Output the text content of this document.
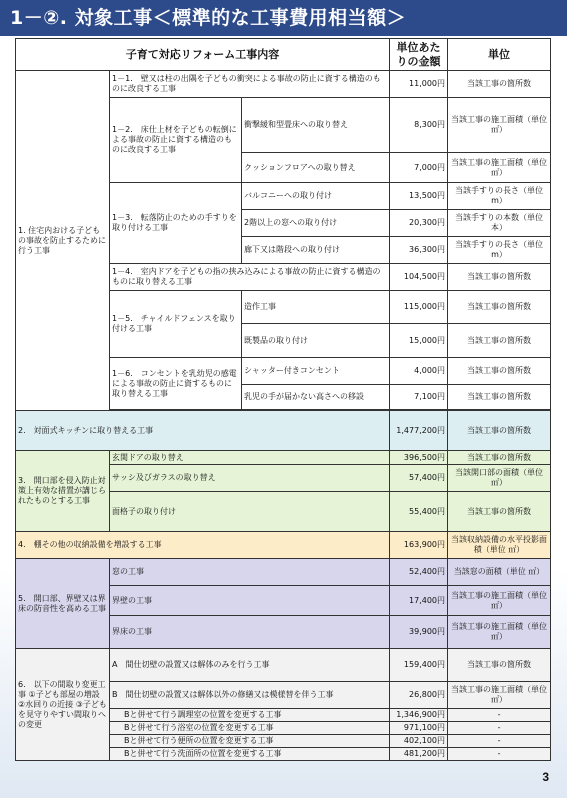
1－②. 対象工事＜標準的な工事費用相当額＞
子育て対応リフォーム工事内容			単位あたりの金額	単位
1. 住宅内おける子どもの事故を防止するために行う工事	1－1.　壁又は柱の出隅を子どもの衝突による事故の防止に資する構造のものに改良する工事		11,000円	当該工事の箇所数
	1－2.　床仕上材を子どもの転倒による事故の防止に資する構造のものに改良する工事	衝撃緩和型畳床への取り替え	8,300円	当該工事の施工面積（単位 ㎡）
		クッションフロアへの取り替え	7,000円	当該工事の施工面積（単位 ㎡）
	1－3.　転落防止のための手すりを取り付ける工事	バルコニーへの取り付け	13,500円	当該手すりの長さ（単位 m）
		2階以上の窓への取り付け	20,300円	当該手すりの本数（単位 本）
		廊下又は階段への取り付け	36,300円	当該手すりの長さ（単位 m）
	1－4.　室内ドアを子どもの指の挟み込みによる事故の防止に資する構造のものに取り替える工事		104,500円	当該工事の箇所数
	1－5.　チャイルドフェンスを取り付ける工事	造作工事	115,000円	当該工事の箇所数
		既製品の取り付け	15,000円	当該工事の箇所数
	1－6.　コンセントを乳幼児の感電による事故の防止に資するものに取り替える工事	シャッター付きコンセント	4,000円	当該工事の箇所数
		乳児の手が届かない高さへの移設	7,100円	当該工事の箇所数

2.　対面式キッチンに取り替える工事			1,477,200円	当該工事の箇所数
3.　開口部を侵入防止対策上有効な措置が講じられたものとする工事	玄関ドアの取り替え		396,500円	当該工事の箇所数
	サッシ及びガラスの取り替え		57,400円	当該開口部の面積（単位 ㎡）
	面格子の取り付け		55,400円	当該工事の箇所数
4.　棚その他の収納設備を増設する工事			163,900円	当該収納設備の水平投影面積（単位 ㎡）
5.　開口部、界壁又は界床の防音性を高める工事	窓の工事		52,400円	当該窓の面積（単位 ㎡）
	界壁の工事		17,400円	当該工事の施工面積（単位 ㎡）
	界床の工事		39,900円	当該工事の施工面積（単位 ㎡）
6.　以下の間取り変更工事 ①子ども部屋の増設 ②水回りの近接 ③子どもを見守りやすい間取りへの変更	A　間仕切壁の設置又は解体のみを行う工事		159,400円	当該工事の箇所数
	B　間仕切壁の設置又は解体以外の修繕又は模様替を伴う工事		26,800円	当該工事の施工面積（単位 ㎡）
	Bと併せて行う調理室の位置を変更する工事		1,346,900円	-
	Bと併せて行う浴室の位置を変更する工事		971,100円	-
	Bと併せて行う便所の位置を変更する工事		402,100円	-
	Bと併せて行う洗面所の位置を変更する工事		481,200円	-
3
